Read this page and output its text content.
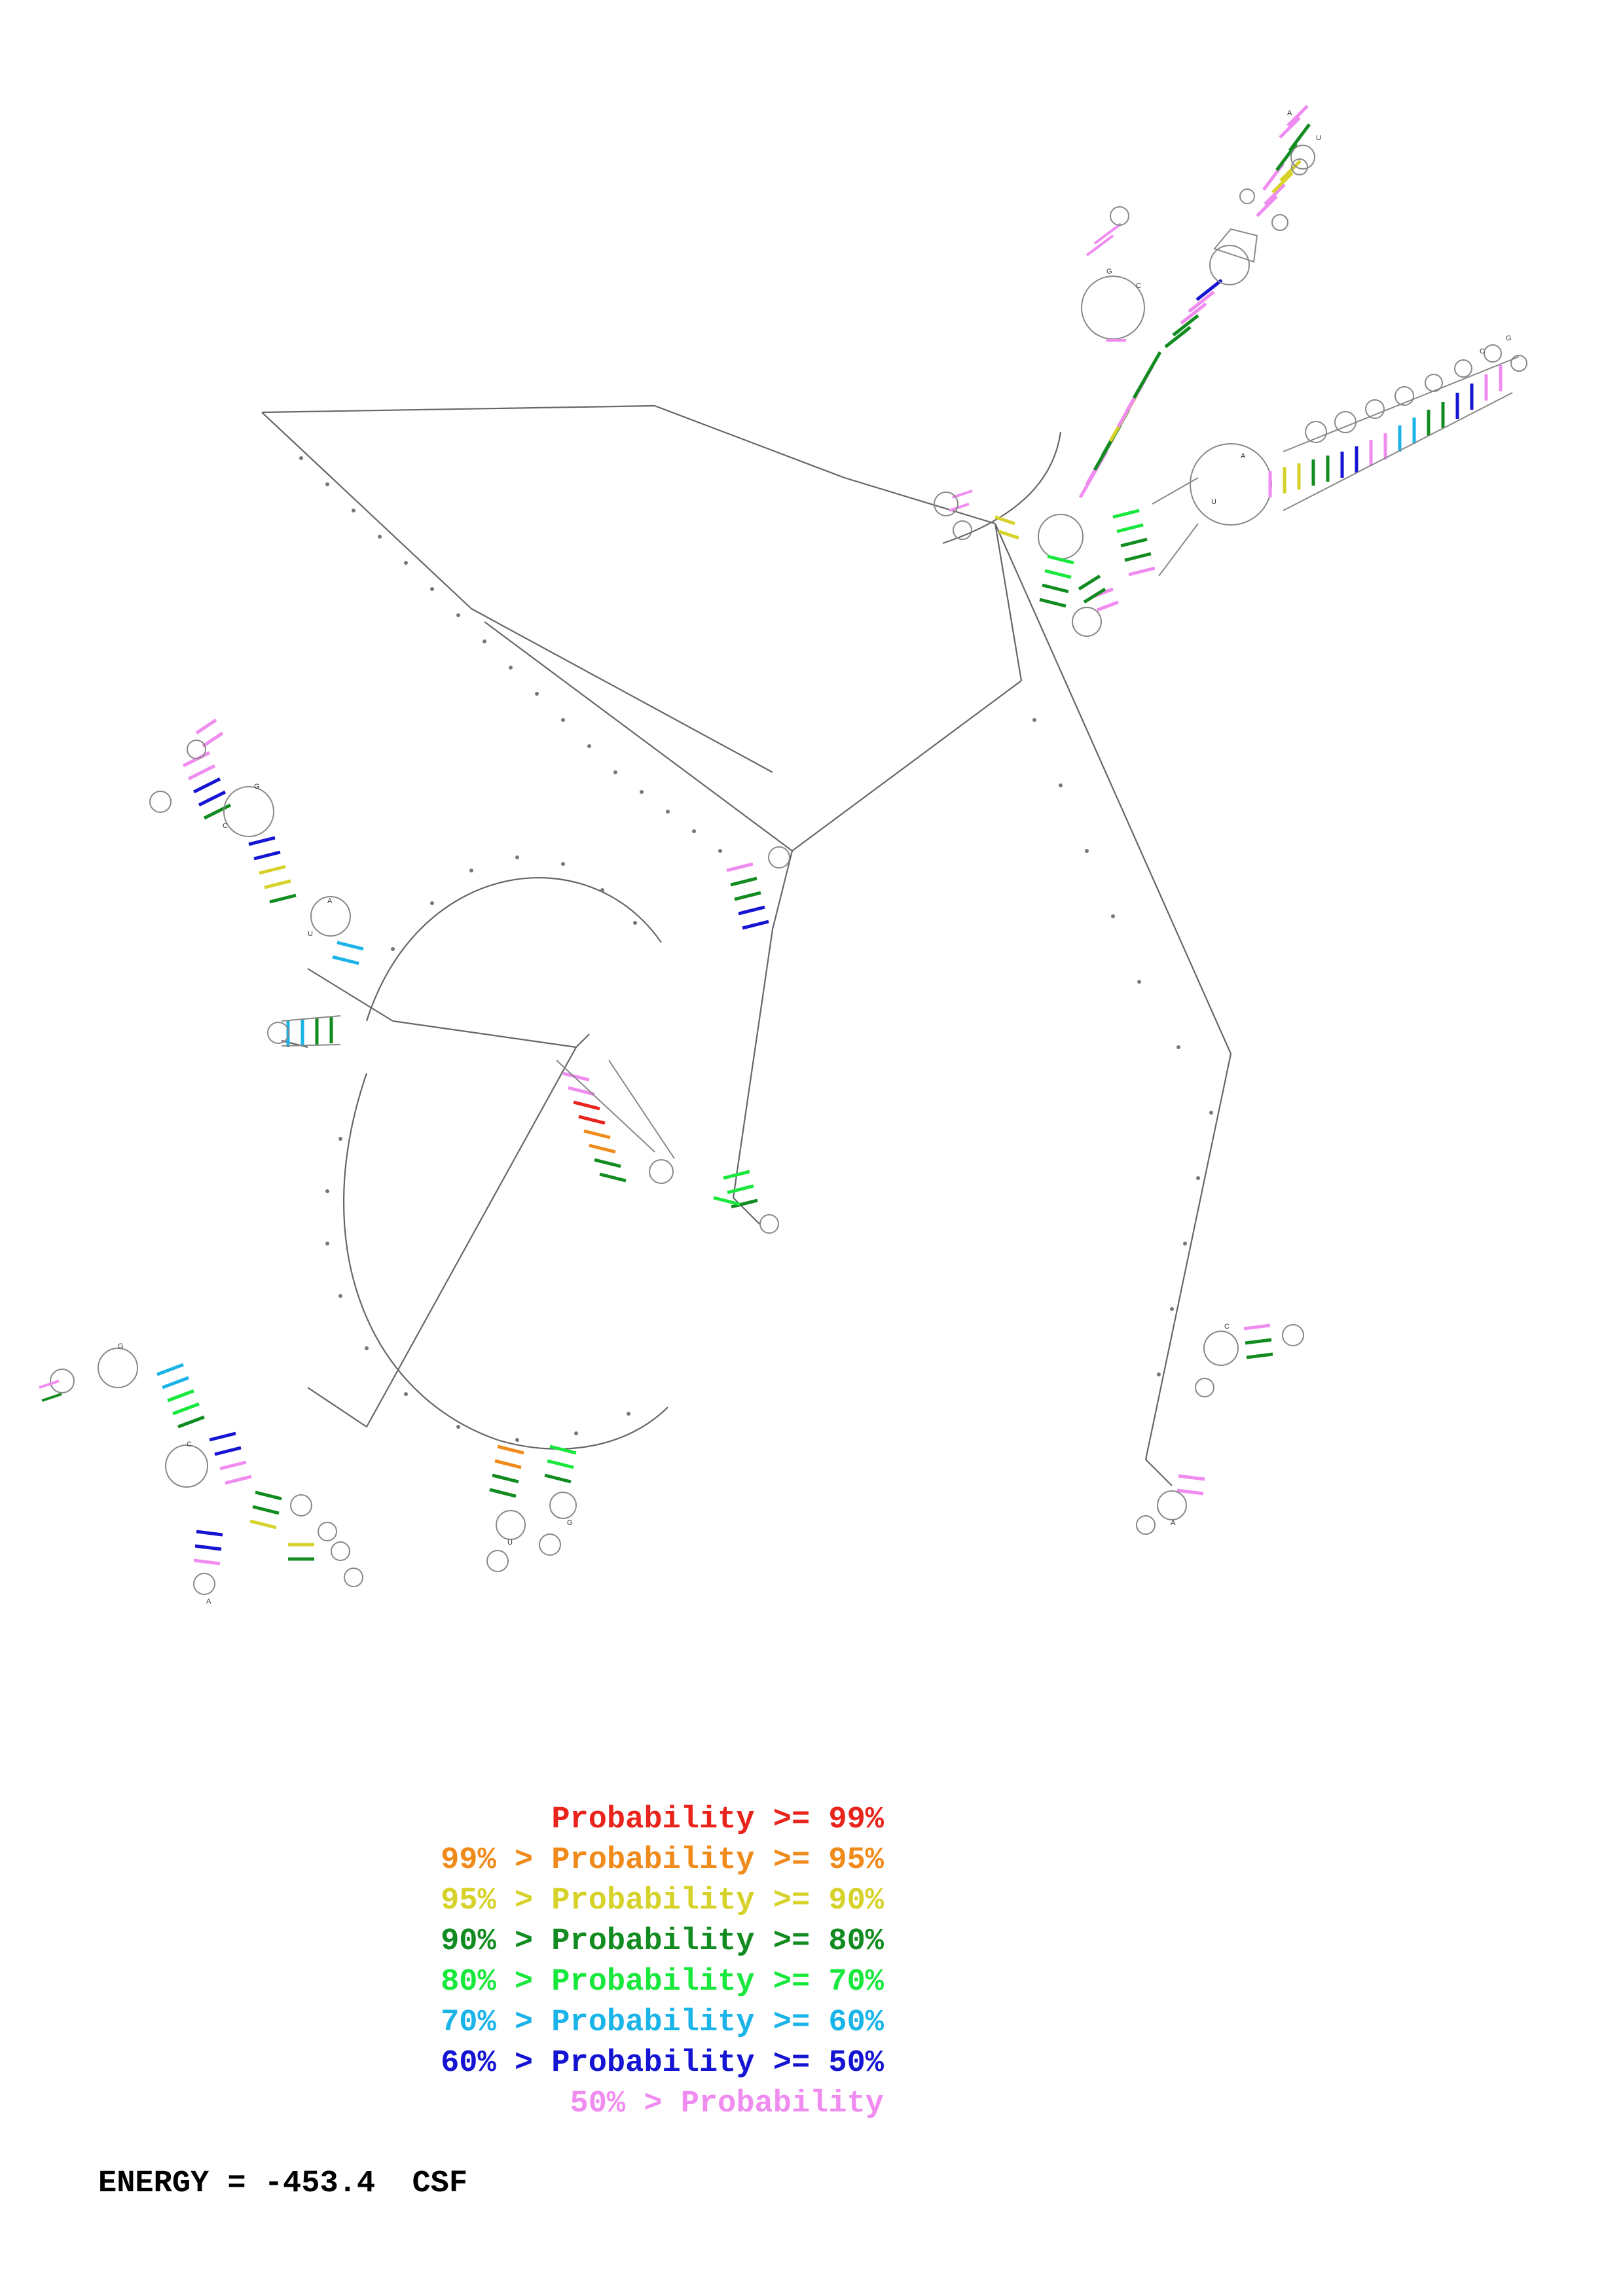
G
C
A
U
G
C
A
U
G
C
A
U
G
C
A
U
G
C
A
Probability >= 99%
99% > Probability >= 95%
95% > Probability >= 90%
90% > Probability >= 80%
80% > Probability >= 70%
70% > Probability >= 60%
60% > Probability >= 50%
50% > Probability
ENERGY = -453.4  CSF
